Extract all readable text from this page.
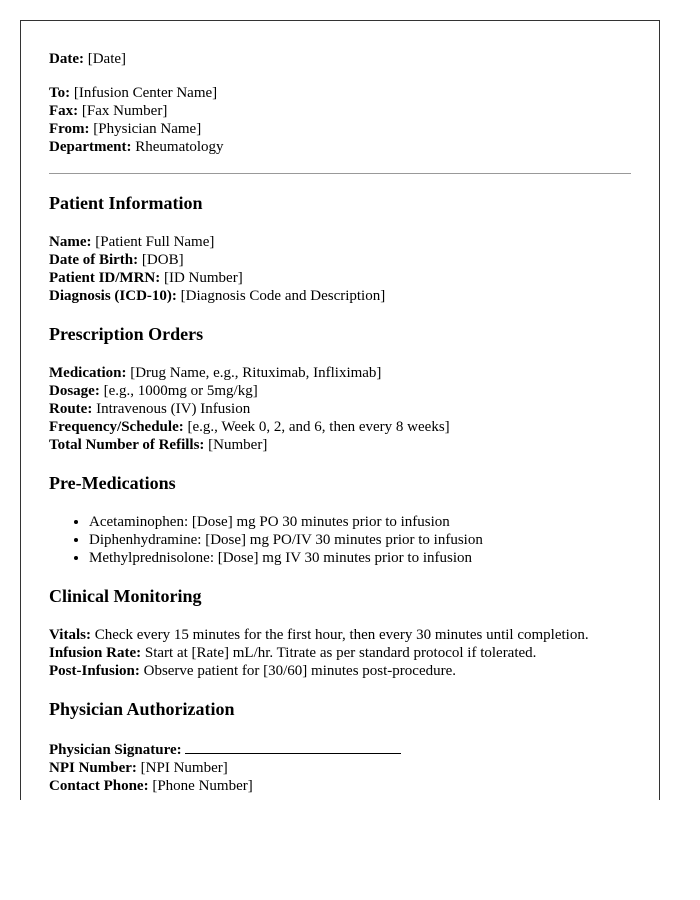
Date: [Date]
To: [Infusion Center Name]
Fax: [Fax Number]
From: [Physician Name]
Department: Rheumatology
Patient Information
Name: [Patient Full Name]
Date of Birth: [DOB]
Patient ID/MRN: [ID Number]
Diagnosis (ICD-10): [Diagnosis Code and Description]
Prescription Orders
Medication: [Drug Name, e.g., Rituximab, Infliximab]
Dosage: [e.g., 1000mg or 5mg/kg]
Route: Intravenous (IV) Infusion
Frequency/Schedule: [e.g., Week 0, 2, and 6, then every 8 weeks]
Total Number of Refills: [Number]
Pre-Medications
• Acetaminophen: [Dose] mg PO 30 minutes prior to infusion
• Diphenhydramine: [Dose] mg PO/IV 30 minutes prior to infusion
• Methylprednisolone: [Dose] mg IV 30 minutes prior to infusion
Clinical Monitoring
Vitals: Check every 15 minutes for the first hour, then every 30 minutes until completion.
Infusion Rate: Start at [Rate] mL/hr. Titrate as per standard protocol if tolerated.
Post-Infusion: Observe patient for [30/60] minutes post-procedure.
Physician Authorization
Physician Signature:
NPI Number: [NPI Number]
Contact Phone: [Phone Number]
